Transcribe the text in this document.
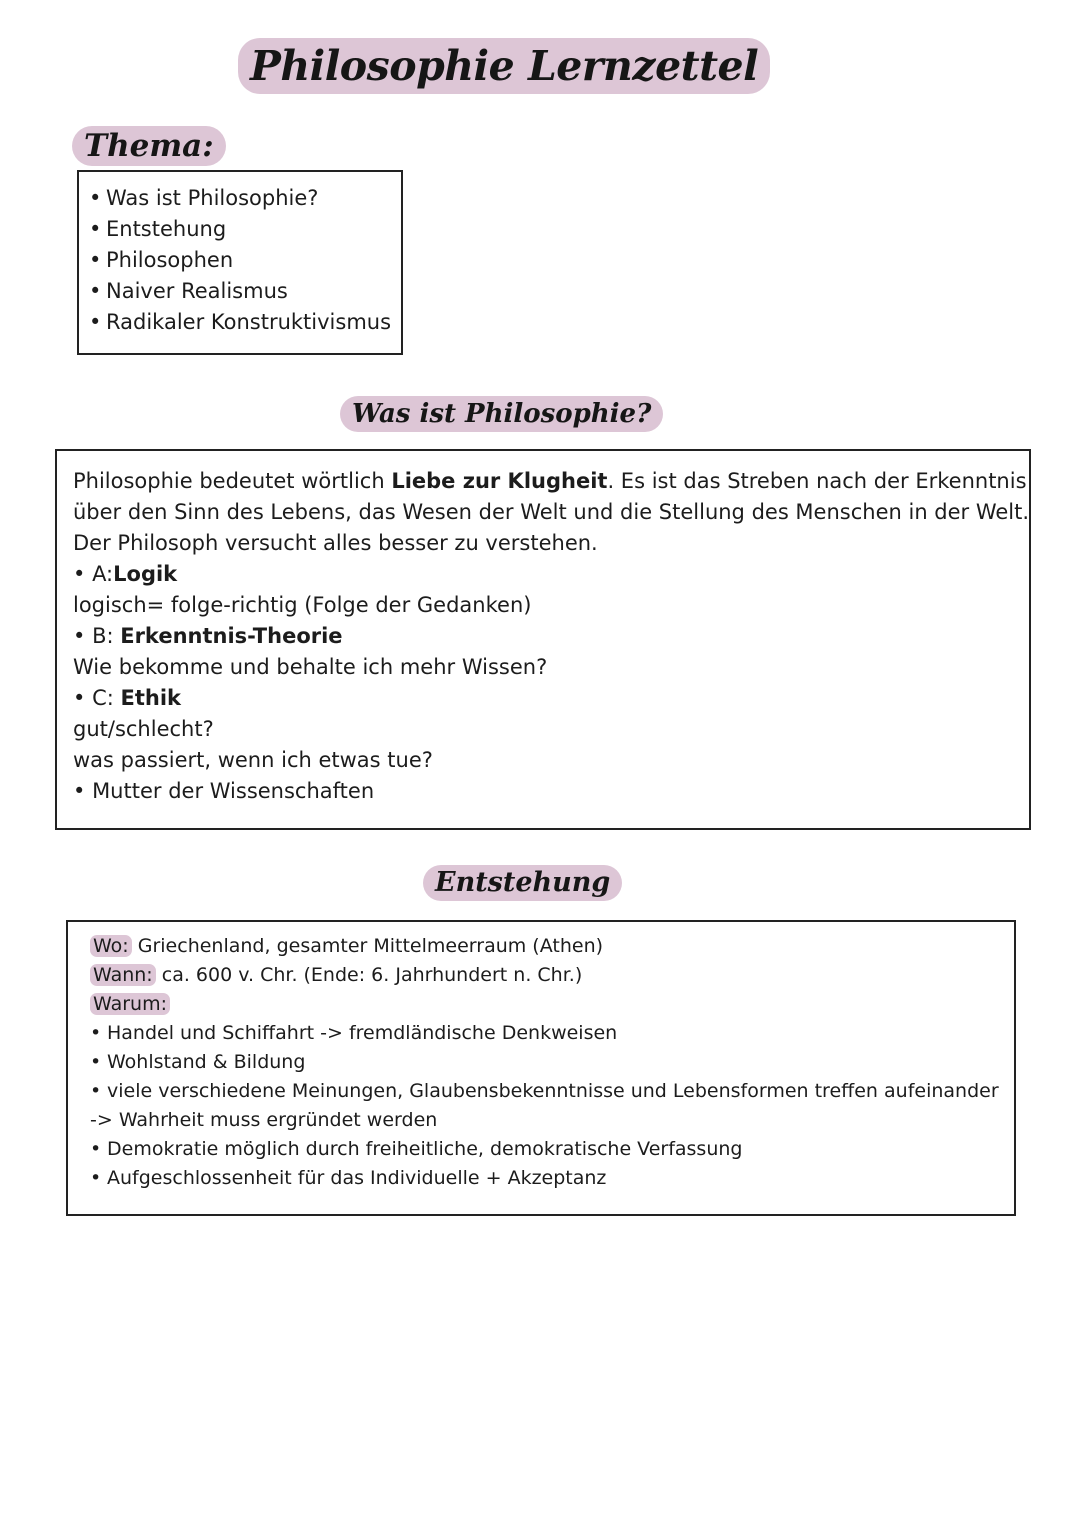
Philosophie Lernzettel
Thema:
• Was ist Philosophie?
• Entstehung
• Philosophen
• Naiver Realismus
• Radikaler Konstruktivismus
Was ist Philosophie?

Philosophie bedeutet wörtlich Liebe zur Klugheit. Es ist das Streben nach der Erkenntnis

über den Sinn des Lebens, das Wesen der Welt und die Stellung des Menschen in der Welt.

Der Philosoph versucht alles besser zu verstehen.

• A:Logik

logisch= folge-richtig (Folge der Gedanken)

• B: Erkenntnis-Theorie

Wie bekomme und behalte ich mehr Wissen?

• C: Ethik

gut/schlecht?

was passiert, wenn ich etwas tue?

• Mutter der Wissenschaften

Entstehung
Wo: Griechenland, gesamter Mittelmeerraum (Athen)
Wann: ca. 600 v. Chr. (Ende: 6. Jahrhundert n. Chr.)
Warum:
• Handel und Schiffahrt -> fremdländische Denkweisen
• Wohlstand & Bildung
• viele verschiedene Meinungen, Glaubensbekenntnisse und Lebensformen treffen aufeinander
-> Wahrheit muss ergründet werden
• Demokratie möglich durch freiheitliche, demokratische Verfassung
• Aufgeschlossenheit für das Individuelle + Akzeptanz
